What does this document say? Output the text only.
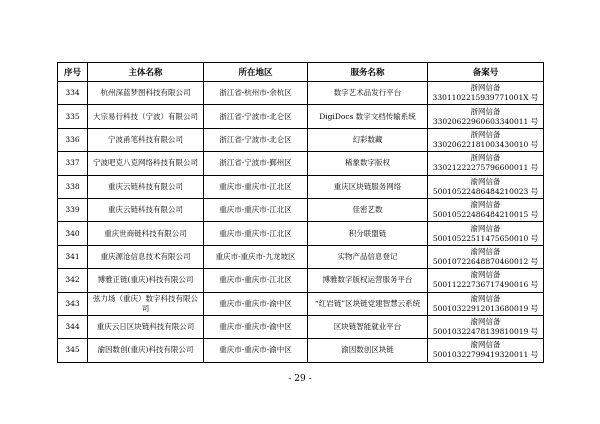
序号	主体名称	所在地区	服务名称	备案号
334	杭州深蓝梦图科技有限公司	浙江省-杭州市-余杭区	数字艺术品发行平台	浙网信备
33011022159397710​01X 号

335	大宗易行科技（宁波）有限公司	浙江省-宁波市-北仑区	DigiDocs 数字文档传输系统	浙网信备
33020622960603340011 号

336	宁波甬笔科技有限公司	浙江省-宁波市-北仑区	幻彩数藏	浙网信备
33020622181003430010 号

337	宁波吧克八克网络科技有限公司	浙江省-宁波市-鄞州区	稀象数字版权	浙网信备
33021222275796600011 号

338	重庆云链科技有限公司	重庆市-重庆市-江北区	重庆区块链服务网络	渝网信备
50010522486484210023 号

339	重庆云链科技有限公司	重庆市-重庆市-江北区	佳密艺数	渝网信备
50010522486484210015 号

340	重庆世商链科技有限公司	重庆市-重庆市-江北区	积分联盟链	渝网信备
50010522511475650010 号

341	重庆源沧信息技术有限公司	重庆市-重庆市-九龙坡区	实物产品信息登记	渝网信备
50010722648870460012 号

342	博雅正链(重庆)科技有限公司	重庆市-重庆市-江北区	博雅数字版权运营服务平台	渝网信备
50011222736717490016 号

343	弦力场（重庆）数字科技有限公司	重庆市-重庆市-渝中区	“红岩链”区块链党建智慧云系统	渝网信备
50010322912013680019 号

344	重庆云日区块链科技有限公司	重庆市-重庆市-渝中区	区块链智能就业平台	渝网信备
50010322478139810019 号

345	渝因数创(重庆)科技有限公司	重庆市-重庆市-渝中区	渝因数创区块链	渝网信备
50010322799419320011 号
- 29 -
